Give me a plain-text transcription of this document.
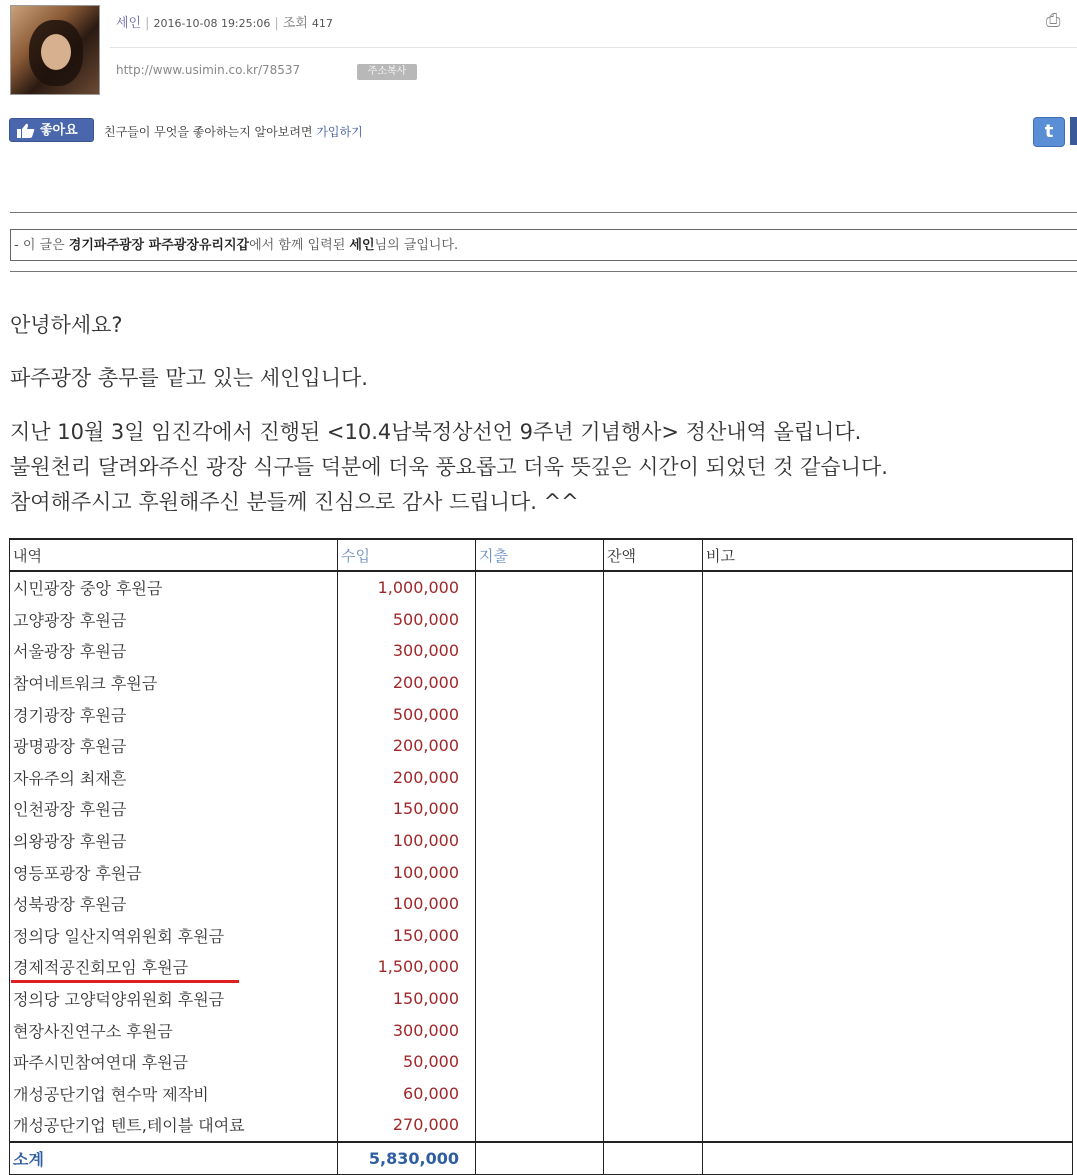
세인 | 2016-10-08 19:25:06 | 조회 417	⎙
http://www.usimin.co.kr/78537	주소복사
좋아요	친구들이 무엇을 좋아하는지 알아보려면 가입하기	t
- 이 글은 경기파주광장 파주광장유리지갑에서 함께 입력된 세인님의 글입니다.
안녕하세요?
파주광장 총무를 맡고 있는 세인입니다.
지난 10월 3일 임진각에서 진행된 <10.4남북정상선언 9주년 기념행사> 정산내역 올립니다.
불원천리 달려와주신 광장 식구들 덕분에 더욱 풍요롭고 더욱 뜻깊은 시간이 되었던 것 같습니다.
참여해주시고 후원해주신 분들께 진심으로 감사 드립니다. ^^
내역	수입	지출	잔액	비고
시민광장 중앙 후원금	1,000,000			
고양광장 후원금	500,000			
서울광장 후원금	300,000			
참여네트워크 후원금	200,000			
경기광장 후원금	500,000			
광명광장 후원금	200,000			
자유주의 최재흔	200,000			
인천광장 후원금	150,000			
의왕광장 후원금	100,000			
영등포광장 후원금	100,000			
성북광장 후원금	100,000			
정의당 일산지역위원회 후원금	150,000			
경제적공진회모임 후원금	1,500,000			
정의당 고양덕양위원회 후원금	150,000			
현장사진연구소 후원금	300,000			
파주시민참여연대 후원금	50,000			
개성공단기업 현수막 제작비	60,000			
개성공단기업 텐트,테이블 대여료	270,000			
소계	5,830,000			
